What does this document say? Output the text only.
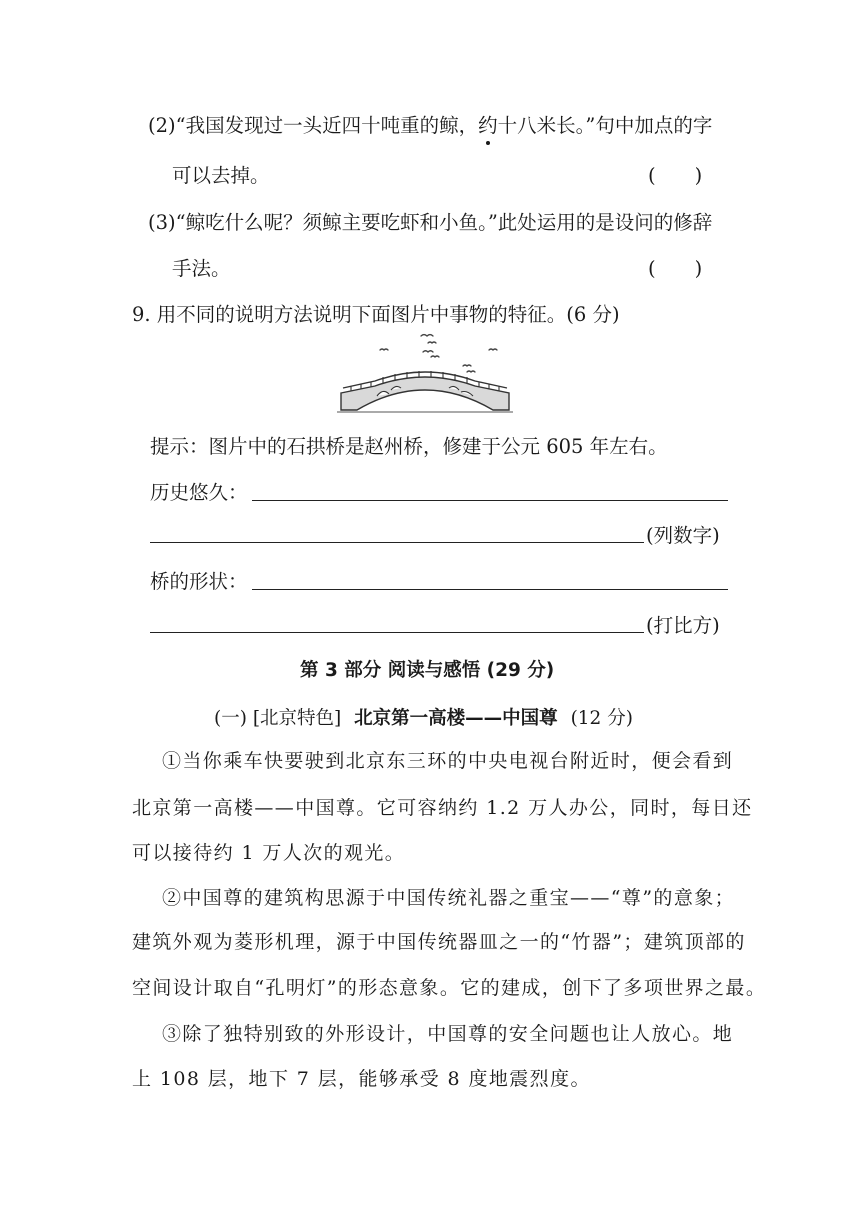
(2)“我国发现过一头近四十吨重的鲸，约十八米长。”句中加点的字
可以去掉。	(　　)
(3)“鲸吃什么呢？须鲸主要吃虾和小鱼。”此处运用的是设问的修辞
手法。	(　　)
9. 用不同的说明方法说明下面图片中事物的特征。(6 分)
提示：图片中的石拱桥是赵州桥，修建于公元 605 年左右。
历史悠久：
(列数字)
桥的形状：
(打比方)
第 3 部分 阅读与感悟 (29 分)
(一) [北京特色] 北京第一高楼——中国尊 (12 分)
①当你乘车快要驶到北京东三环的中央电视台附近时，便会看到
北京第一高楼——中国尊。它可容纳约 1.2 万人办公，同时，每日还
可以接待约 1 万人次的观光。
②中国尊的建筑构思源于中国传统礼器之重宝——“尊”的意象；
建筑外观为菱形机理，源于中国传统器皿之一的“竹器”；建筑顶部的
空间设计取自“孔明灯”的形态意象。它的建成，创下了多项世界之最。
③除了独特别致的外形设计，中国尊的安全问题也让人放心。地
上 108 层，地下 7 层，能够承受 8 度地震烈度。
